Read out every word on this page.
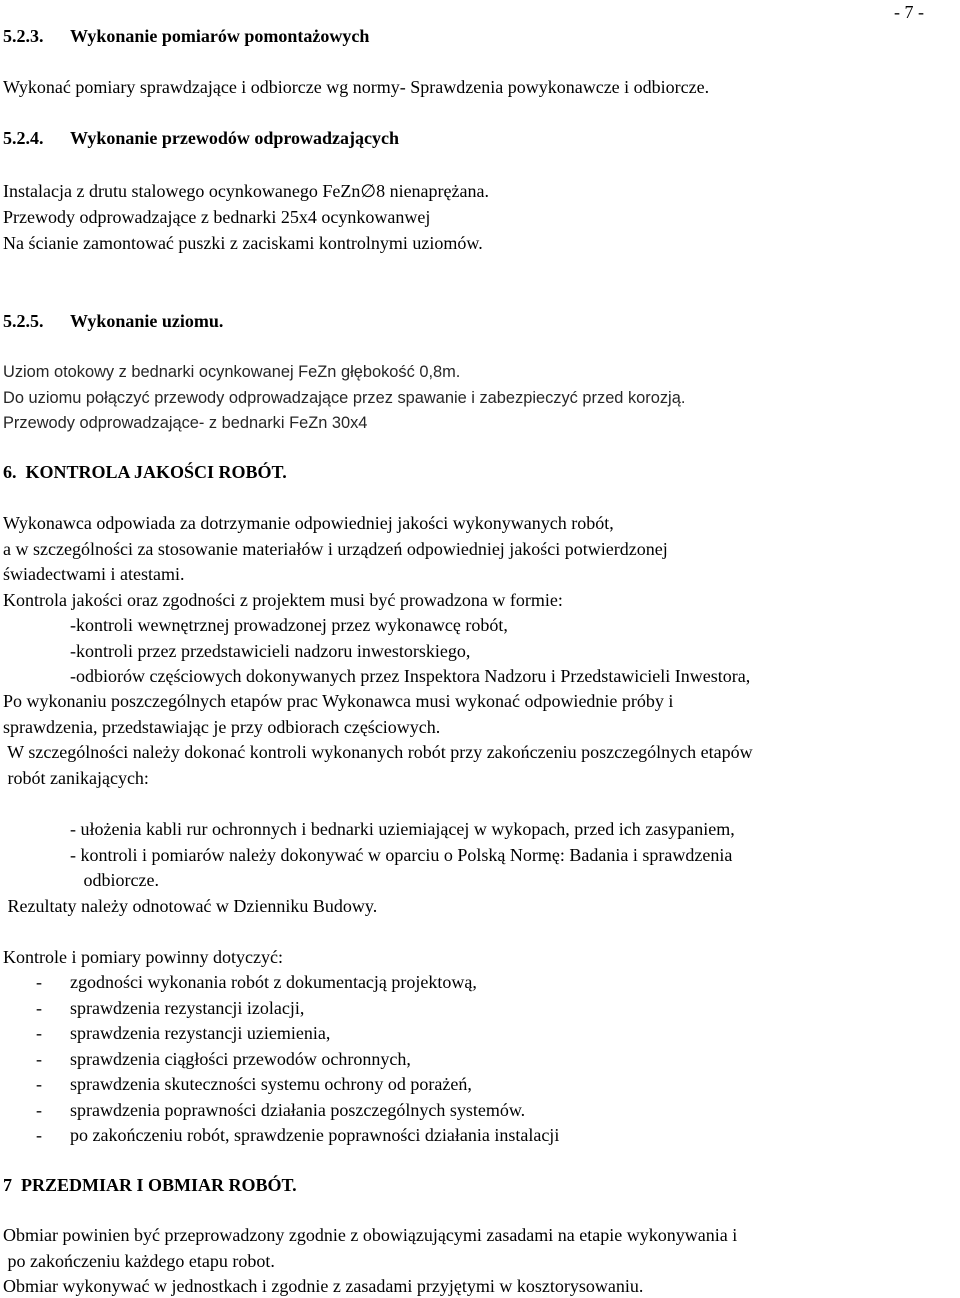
- 7 -
5.2.3. Wykonanie pomiarów pomontażowych
Wykonać pomiary sprawdzające i odbiorcze wg normy- Sprawdzenia powykonawcze i odbiorcze.
5.2.4. Wykonanie przewodów odprowadzających
Instalacja z drutu stalowego ocynkowanego FeZn∅8 nienaprężana.
Przewody odprowadzające z bednarki 25x4 ocynkowanwej
Na ścianie zamontować puszki z zaciskami kontrolnymi uziomów.
5.2.5. Wykonanie uziomu.
Uziom otokowy z bednarki ocynkowanej FeZn głębokość 0,8m.
Do uziomu połączyć przewody odprowadzające przez spawanie i zabezpieczyć przed korozją.
Przewody odprowadzające- z bednarki FeZn 30x4
6.  KONTROLA JAKOŚCI ROBÓT.
Wykonawca odpowiada za dotrzymanie odpowiedniej jakości wykonywanych robót,
a w szczególności za stosowanie materiałów i urządzeń odpowiedniej jakości potwierdzonej
świadectwami i atestami.
Kontrola jakości oraz zgodności z projektem musi być prowadzona w formie:
-kontroli wewnętrznej prowadzonej przez wykonawcę robót,
-kontroli przez przedstawicieli nadzoru inwestorskiego,
-odbiorów częściowych dokonywanych przez Inspektora Nadzoru i Przedstawicieli Inwestora,
Po wykonaniu poszczególnych etapów prac Wykonawca musi wykonać odpowiednie próby i
sprawdzenia, przedstawiając je przy odbiorach częściowych.
W szczególności należy dokonać kontroli wykonanych robót przy zakończeniu poszczególnych etapów
robót zanikających:
- ułożenia kabli rur ochronnych i bednarki uziemiającej w wykopach, przed ich zasypaniem,
- kontroli i pomiarów należy dokonywać w oparciu o Polską Normę: Badania i sprawdzenia
odbiorcze.
Rezultaty należy odnotować w Dzienniku Budowy.
Kontrole i pomiary powinny dotyczyć:
- zgodności wykonania robót z dokumentacją projektową,
- sprawdzenia rezystancji izolacji,
- sprawdzenia rezystancji uziemienia,
- sprawdzenia ciągłości przewodów ochronnych,
- sprawdzenia skuteczności systemu ochrony od porażeń,
- sprawdzenia poprawności działania poszczególnych systemów.
- po zakończeniu robót, sprawdzenie poprawności działania instalacji
7  PRZEDMIAR I OBMIAR ROBÓT.
Obmiar powinien być przeprowadzony zgodnie z obowiązującymi zasadami na etapie wykonywania i
po zakończeniu każdego etapu robot.
Obmiar wykonywać w jednostkach i zgodnie z zasadami przyjętymi w kosztorysowaniu.
